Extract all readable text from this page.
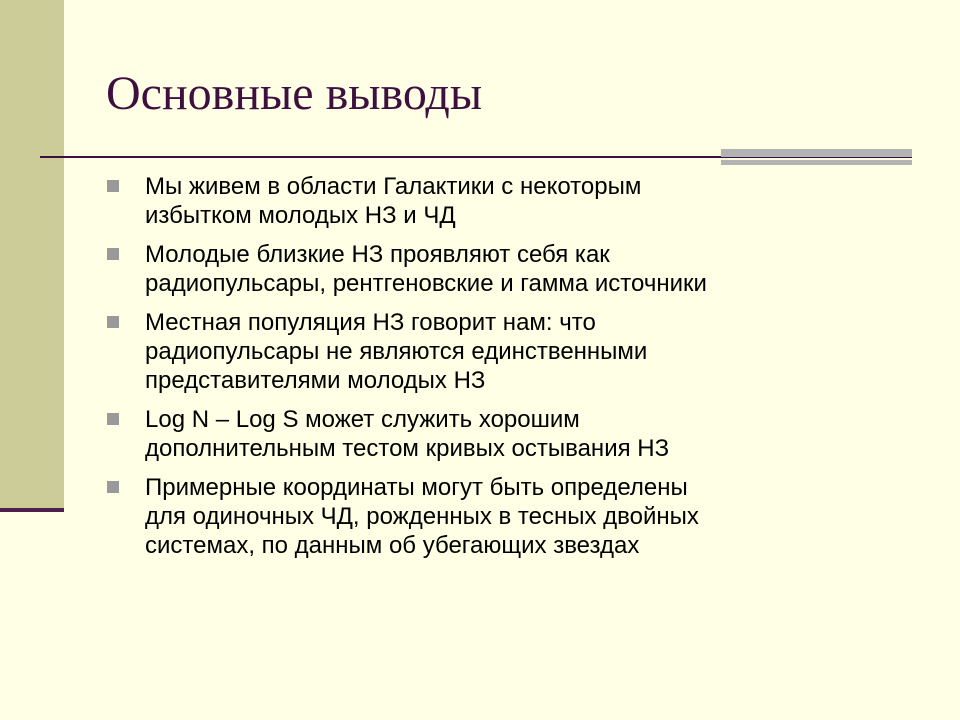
Основные выводы
Мы живем в области Галактики с некоторым
избытком молодых НЗ и ЧД
Молодые близкие НЗ проявляют себя как
радиопульсары, рентгеновские и гамма источники
Местная популяция НЗ говорит нам: что
радиопульсары не являются единственными
представителями молодых НЗ
Log N – Log S может служить хорошим
дополнительным тестом кривых остывания НЗ
Примерные координаты могут быть определены
для одиночных ЧД, рожденных в тесных двойных
системах, по данным об убегающих звездах
